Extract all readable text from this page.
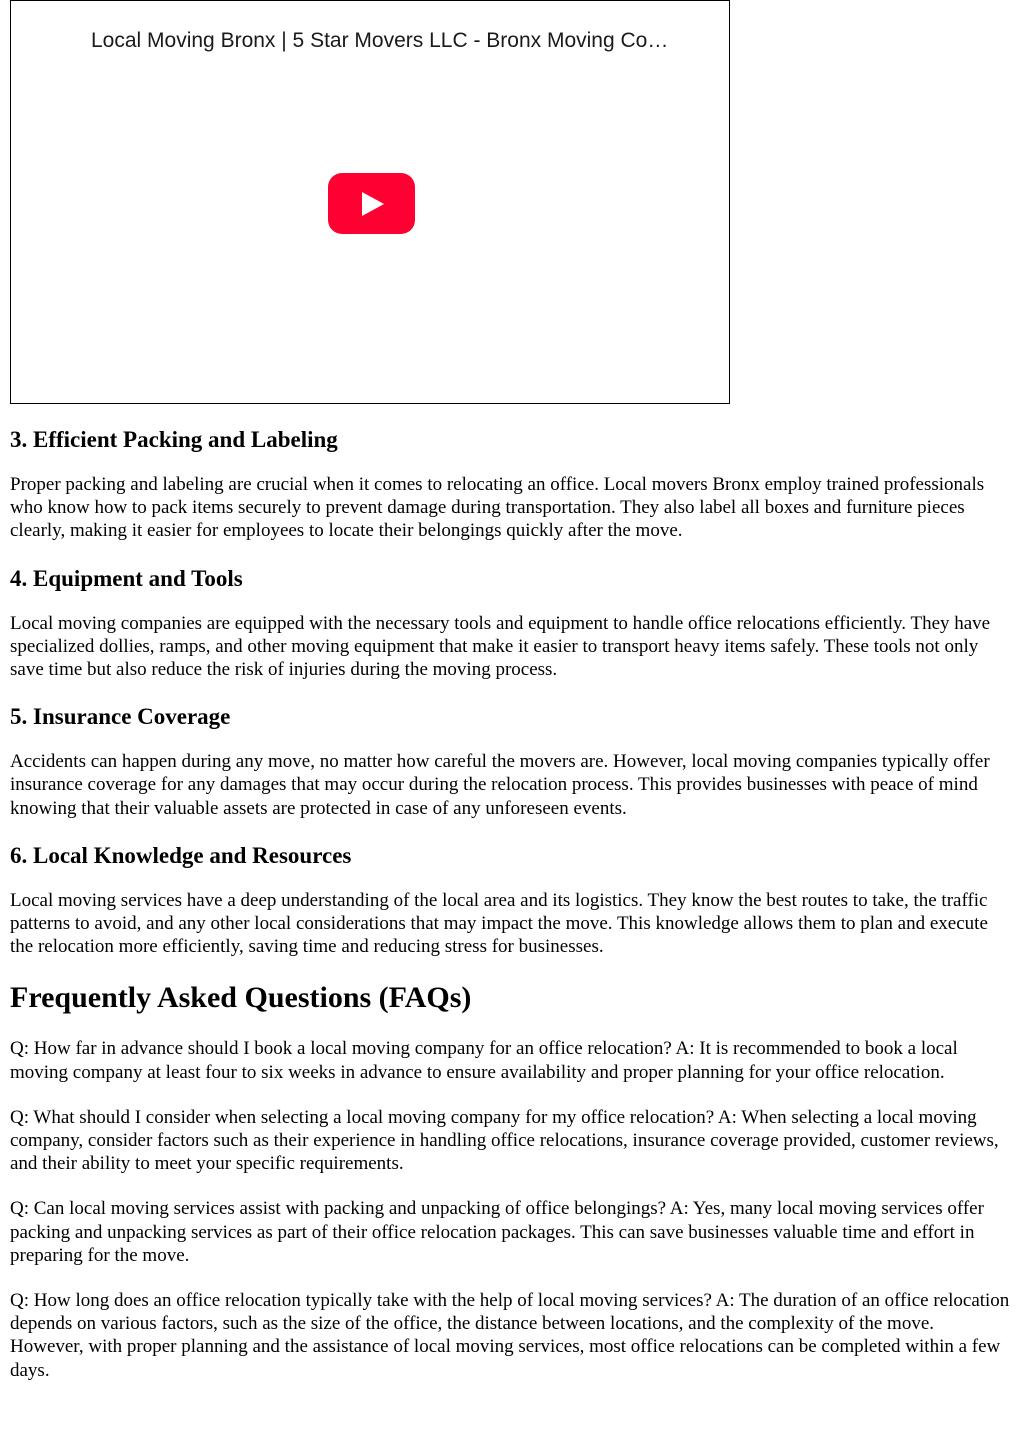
Local Moving Bronx | 5 Star Movers LLC - Bronx Moving Co…
3. Efficient Packing and Labeling

Proper packing and labeling are crucial when it comes to relocating an office. Local movers Bronx employ trained professionals who know how to pack items securely to prevent damage during transportation. They also label all boxes and furniture pieces clearly, making it easier for employees to locate their belongings quickly after the move.

4. Equipment and Tools

Local moving companies are equipped with the necessary tools and equipment to handle office relocations efficiently. They have specialized dollies, ramps, and other moving equipment that make it easier to transport heavy items safely. These tools not only save time but also reduce the risk of injuries during the moving process.

5. Insurance Coverage

Accidents can happen during any move, no matter how careful the movers are. However, local moving companies typically offer insurance coverage for any damages that may occur during the relocation process. This provides businesses with peace of mind knowing that their valuable assets are protected in case of any unforeseen events.

6. Local Knowledge and Resources

Local moving services have a deep understanding of the local area and its logistics. They know the best routes to take, the traffic patterns to avoid, and any other local considerations that may impact the move. This knowledge allows them to plan and execute the relocation more efficiently, saving time and reducing stress for businesses.

Frequently Asked Questions (FAQs)

Q: How far in advance should I book a local moving company for an office relocation? A: It is recommended to book a local moving company at least four to six weeks in advance to ensure availability and proper planning for your office relocation.

Q: What should I consider when selecting a local moving company for my office relocation? A: When selecting a local moving company, consider factors such as their experience in handling office relocations, insurance coverage provided, customer reviews, and their ability to meet your specific requirements.

Q: Can local moving services assist with packing and unpacking of office belongings? A: Yes, many local moving services offer packing and unpacking services as part of their office relocation packages. This can save businesses valuable time and effort in preparing for the move.

Q: How long does an office relocation typically take with the help of local moving services? A: The duration of an office relocation depends on various factors, such as the size of the office, the distance between locations, and the complexity of the move. However, with proper planning and the assistance of local moving services, most office relocations can be completed within a few days.
